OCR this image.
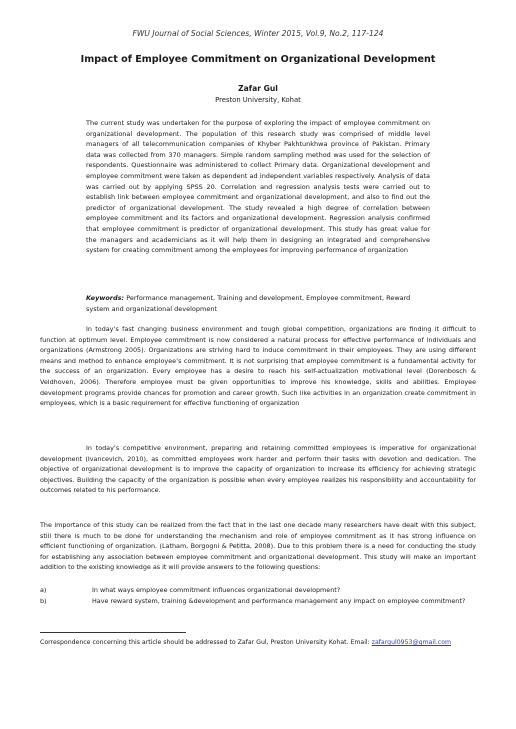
FWU Journal of Social Sciences, Winter 2015, Vol.9, No.2, 117-124
Impact of Employee Commitment on Organizational Development
Zafar Gul
Preston University, Kohat

The current study was undertaken for the purpose of exploring the impact of employee commitment on organizational development. The population of this research study was comprised of middle level managers of all telecommunication companies of Khyber Pakhtunkhwa province of Pakistan. Primary data was collected from 370 managers. Simple random sampling method was used for the selection of respondents. Questionnaire was administered to collect Primary data. Organizational development and employee commitment were taken as dependent ad independent variables respectively. Analysis of data was carried out by applying SPSS 20. Correlation and regression analysis tests were carried out to establish link between employee commitment and organizational development, and also to find out the predictor of organizational development. The study revealed a high degree of correlation between employee commitment and its factors and organizational development. Regression analysis confirmed that employee commitment is predictor of organizational development. This study has great value for the managers and academicians as it will help them in designing an integrated and comprehensive system for creating commitment among the employees for improving performance of organization

Keywords: Performance management, Training and development, Employee commitment, Reward system and organizational development

In today’s fast changing business environment and tough global competition, organizations are finding it difficult to function at optimum level. Employee commitment is now considered a natural process for effective performance of individuals and organizations (Armstrong 2005). Organizations are striving hard to induce commitment in their employees. They are using different means and method to enhance employee’s commitment. It is not surprising that employee commitment is a fundamental activity for the success of an organization. Every employee has a desire to reach his self-actualization motivational level (Dorenbosch & Veldhoven, 2006). Therefore employee must be given opportunities to improve his knowledge, skills and abilities. Employee development programs provide chances for promotion and career growth. Such like activities in an organization create commitment in employees, which is a basic requirement for effective functioning of organization

In today’s competitive environment, preparing and retaining committed employees is imperative for organizational development (Ivancevich, 2010), as committed employees work harder and perform their tasks with devotion and dedication. The objective of organizational development is to improve the capacity of organization to increase its efficiency for achieving strategic objectives. Building the capacity of the organization is possible when every employee realizes his responsibility and accountability for outcomes related to his performance.

The importance of this study can be realized from the fact that in the last one decade many researchers have dealt with this subject, still there is much to be done for understanding the mechanism and role of employee commitment as it has strong influence on efficient functioning of organization. (Latham, Borgogni & Petitta, 2008). Due to this problem there is a need for conducting the study for establishing any association between employee commitment and organizational development. This study will make an important addition to the existing knowledge as it will provide answers to the following questions:

a)	In what ways employee commitment influences organizational development?
b)	Have reward system, training &development and performance management any impact on employee commitment?

Correspondence concerning this article should be addressed to Zafar Gul, Preston University Kohat. Email: zafargul0953@gmail.com
